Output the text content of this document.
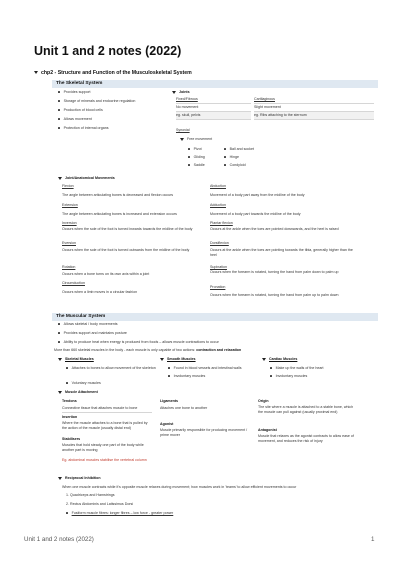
Unit 1 and 2 notes (2022)
chp2 - Structure and Function of the Musculoskeletal System
The Skeletal System
Provides support
Storage of minerals and endocrine regulation
Production of blood cells
Allows movement
Protection of internal organs
Joints
Fixed/Fibrous
No movement
eg. skull, pelvis
Cartilaginous
Slight movement
eg. Ribs attaching to the sternum
Synovial
Free movement
Pivot
Gliding
Saddle
Ball and socket
Hinge
Condyloid
Joint/Anatomical Movements
Flexion
The angle between articulating bones is decreased and flexion occurs
Extension
The angle between articulating bones is increased and extension occurs
Inversion
Occurs when the sole of the foot is turned inwards towards the midline of the body
Eversion
Occurs when the sole of the foot is turned outwards from the midline of the body
Rotation
Occurs when a bone turns on its own axis within a joint
Circumduction
Occurs when a limb moves in a circular fashion
Abduction
Movement of a body part away from the midline of the body
Adduction
Movement of a body part towards the midline of the body
Plantar flexion
Occurs at the ankle when the toes are pointed downwards, and the heel is raised
Dorsiflexion
Occurs at the ankle when the toes are pointing towards the tibia, generally higher than the heel
Supination
Occurs when the forearm is rotated, turning the hand from palm down to palm up
Pronation
Occurs when the forearm is rotated, turning the hand from palm up to palm down
The Muscular System
Allows skeletal / body movements
Provides support and maintains posture
Ability to produce heat when energy is produced from foods – allows muscle contractions to occur
More than 660 skeletal muscles in the body - each muscle is only capable of two actions: contraction and relaxation
Skeletal Muscles
Attaches to bones to allow movement of the skeleton
Voluntary muscles
Smooth Muscles
Found in blood vessels and intestinal walls
Involuntary muscles
Cardiac Muscles
Make up the walls of the heart
Involuntary muscles
Muscle Attachment
Tendons
Connective tissue that attaches muscle to bone
Insertion
Where the muscle attaches to a bone that is pulled by the action of the muscle (usually distal end)
Stabilisers
Muscles that hold steady one part of the body while another part is moving
Eg. abdominal muscles stabilise the vertebral column
Ligaments
Attaches one bone to another
Agonist
Muscle primarily responsible for producing movement / prime mover
Origin
The site where a muscle is attached to a stable bone, which the muscle can pull against (usually proximal end)
Antagonist
Muscle that relaxes as the agonist contracts to allow ease of movement, and reduces the risk of injury
Reciprocal Inhibition
When one muscle contracts while it's opposite muscle relaxes during movement; how muscles work in 'teams' to allow efficient movements to occur
1. Quadriceps and Hamstrings
2. Rectus Abdominis and Latissimus Dorsi
Fusiform muscle fibres: longer fibres – low force - greater power
Unit 1 and 2 notes (2022)	1
